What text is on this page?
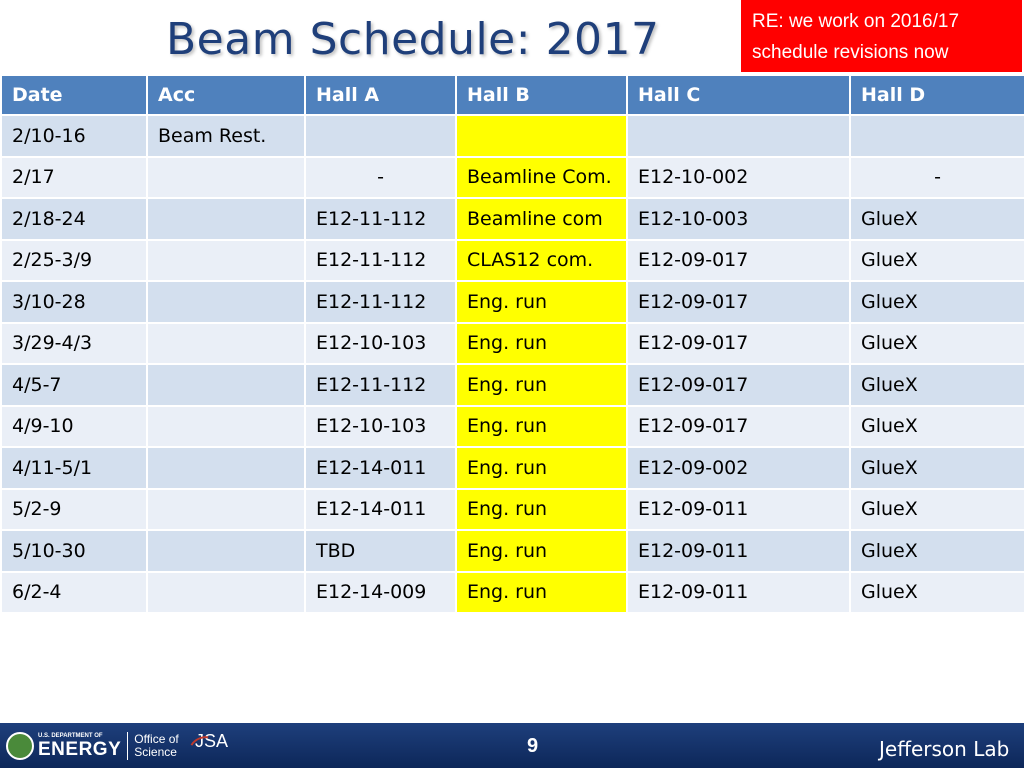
Beam Schedule: 2017	RE: we work on 2016/17
schedule revisions now
Date	Acc	Hall A	Hall B	Hall C	Hall D
2/10-16	Beam Rest.				
2/17		-	Beamline Com.	E12-10-002	-
2/18-24		E12-11-112	Beamline com	E12-10-003	GlueX
2/25-3/9		E12-11-112	CLAS12 com.	E12-09-017	GlueX
3/10-28		E12-11-112	Eng. run	E12-09-017	GlueX
3/29-4/3		E12-10-103	Eng. run	E12-09-017	GlueX
4/5-7		E12-11-112	Eng. run	E12-09-017	GlueX
4/9-10		E12-10-103	Eng. run	E12-09-017	GlueX
4/11-5/1		E12-14-011	Eng. run	E12-09-002	GlueX
5/2-9		E12-14-011	Eng. run	E12-09-011	GlueX
5/10-30		TBD	Eng. run	E12-09-011	GlueX
6/2-4		E12-14-009	Eng. run	E12-09-011	GlueX
U.S. DEPARTMENT OF
ENERGY Office of
Science
JSA	9	Jefferson Lab
